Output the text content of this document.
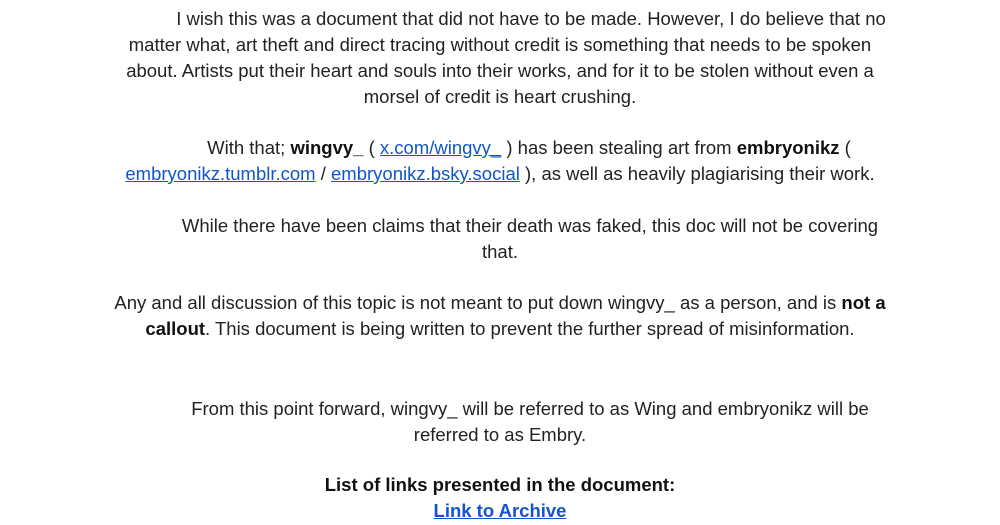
I wish this was a document that did not have to be made. However, I do believe that no matter what, art theft and direct tracing without credit is something that needs to be spoken about. Artists put their heart and souls into their works, and for it to be stolen without even a morsel of credit is heart crushing.

With that; wingvy_ ( x.com/wingvy_ ) has been stealing art from embryonikz ( embryonikz.tumblr.com / embryonikz.bsky.social ), as well as heavily plagiarising their work.

While there have been claims that their death was faked, this doc will not be covering that.

Any and all discussion of this topic is not meant to put down wingvy_ as a person, and is not a callout. This document is being written to prevent the further spread of misinformation.

From this point forward, wingvy_ will be referred to as Wing and embryonikz will be referred to as Embry.

List of links presented in the document:
Link to Archive
